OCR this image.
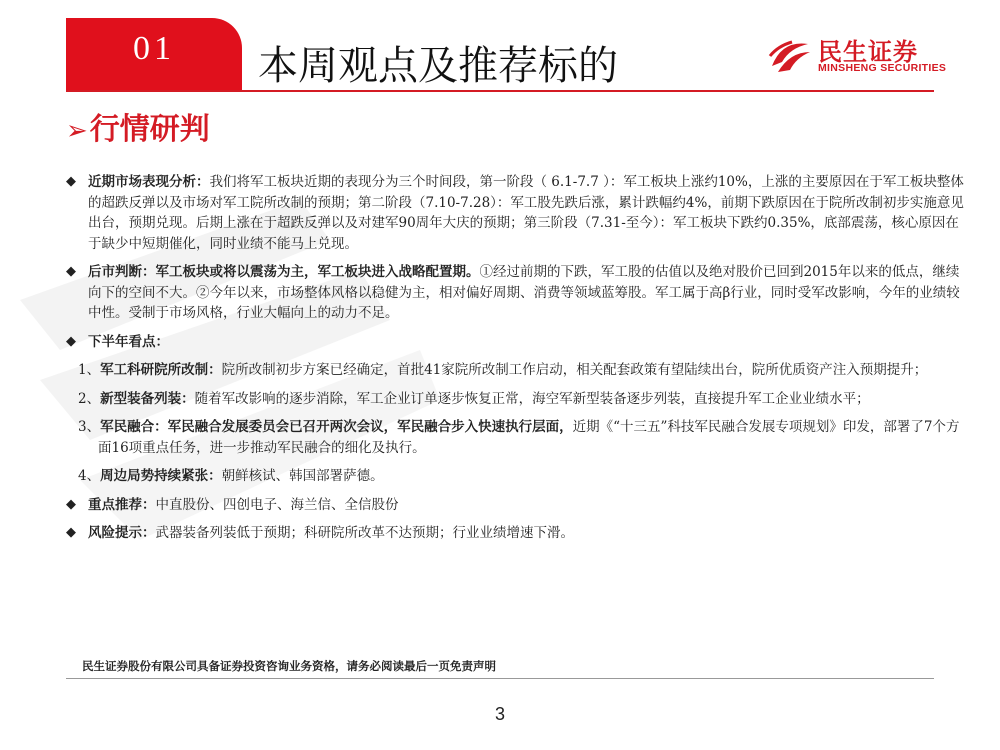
01	本周观点及推荐标的	民生证券
MINSHENG SECURITIES
➢行情研判
◆ 近期市场表现分析：我们将军工板块近期的表现分为三个时间段，第一阶段（ 6.1-7.7 ）：军工板块上涨约10%，上涨的主要原因在于军工板块整体的超跌反弹以及市场对军工院所改制的预期；第二阶段（7.10-7.28）：军工股先跌后涨，累计跌幅约4%，前期下跌原因在于院所改制初步实施意见出台，预期兑现。后期上涨在于超跌反弹以及对建军90周年大庆的预期；第三阶段（7.31-至今）：军工板块下跌约0.35%，底部震荡，核心原因在于缺少中短期催化，同时业绩不能马上兑现。
◆ 后市判断：军工板块或将以震荡为主，军工板块进入战略配置期。①经过前期的下跌，军工股的估值以及绝对股价已回到2015年以来的低点，继续向下的空间不大。②今年以来，市场整体风格以稳健为主，相对偏好周期、消费等领域蓝筹股。军工属于高β行业，同时受军改影响，今年的业绩较中性。受制于市场风格，行业大幅向上的动力不足。
◆ 下半年看点：
1、军工科研院所改制：院所改制初步方案已经确定，首批41家院所改制工作启动，相关配套政策有望陆续出台，院所优质资产注入预期提升；
2、新型装备列装：随着军改影响的逐步消除，军工企业订单逐步恢复正常，海空军新型装备逐步列装，直接提升军工企业业绩水平；
3、军民融合：军民融合发展委员会已召开两次会议，军民融合步入快速执行层面，近期《“十三五”科技军民融合发展专项规划》印发，部署了7个方面16项重点任务，进一步推动军民融合的细化及执行。
4、周边局势持续紧张：朝鲜核试、韩国部署萨德。
◆ 重点推荐：中直股份、四创电子、海兰信、全信股份
◆ 风险提示：武器装备列装低于预期；科研院所改革不达预期；行业业绩增速下滑。
民生证券股份有限公司具备证券投资咨询业务资格，请务必阅读最后一页免责声明
3
